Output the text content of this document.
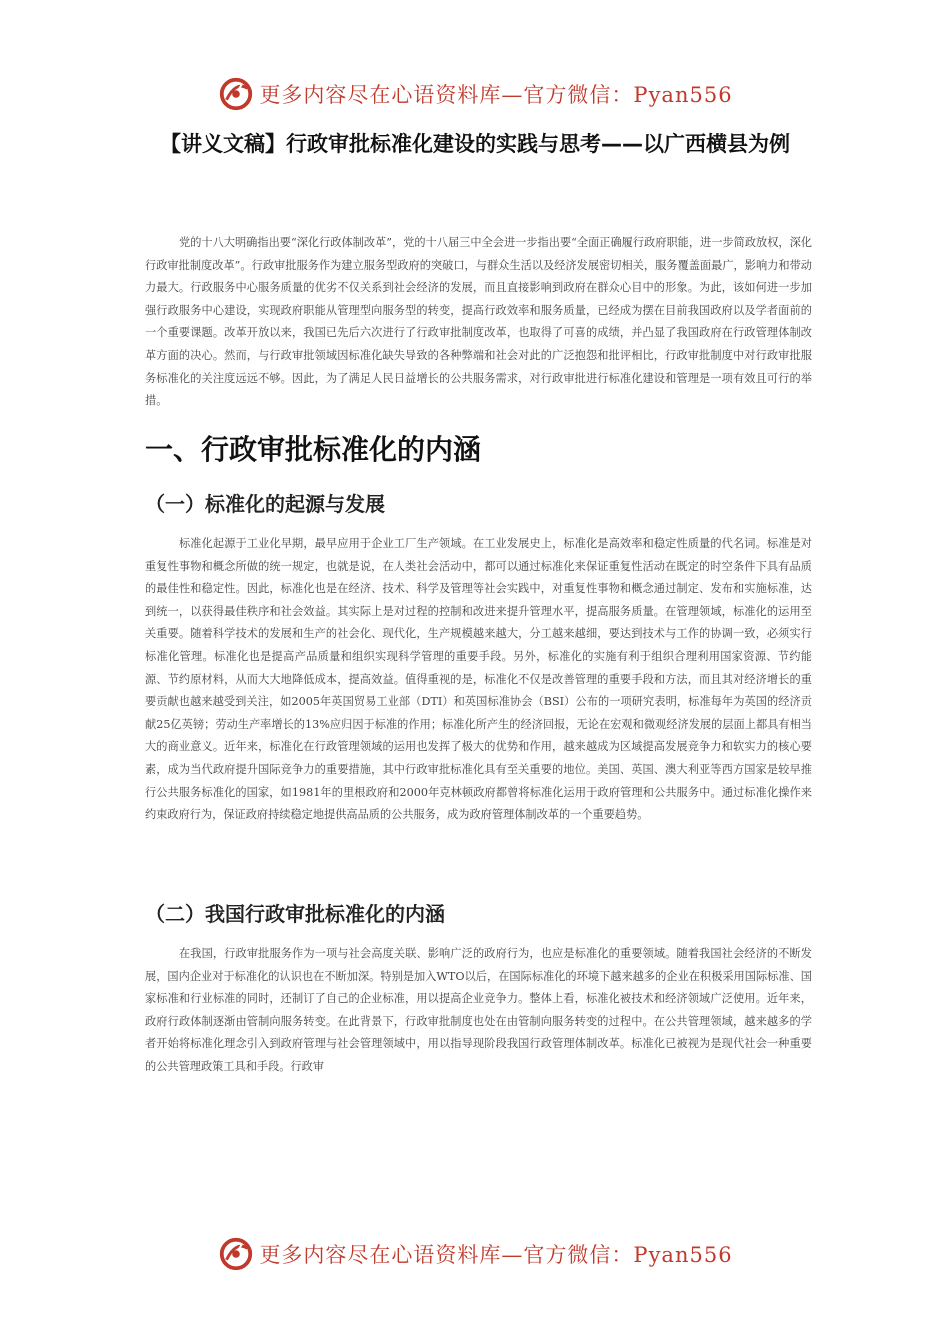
更多内容尽在心语资料库—官方微信：Pyan556
【讲义文稿】行政审批标准化建设的实践与思考——以广西横县为例

党的十八大明确指出要“深化行政体制改革”，党的十八届三中全会进一步指出要“全面正确履行政府职能，进一步简政放权，深化行政审批制度改革”。行政审批服务作为建立服务型政府的突破口，与群众生活以及经济发展密切相关，服务覆盖面最广，影响力和带动力最大。行政服务中心服务质量的优劣不仅关系到社会经济的发展，而且直接影响到政府在群众心目中的形象。为此，该如何进一步加强行政服务中心建设，实现政府职能从管理型向服务型的转变，提高行政效率和服务质量，已经成为摆在目前我国政府以及学者面前的一个重要课题。改革开放以来，我国已先后六次进行了行政审批制度改革，也取得了可喜的成绩，并凸显了我国政府在行政管理体制改革方面的决心。然而，与行政审批领域因标准化缺失导致的各种弊端和社会对此的广泛抱怨和批评相比，行政审批制度中对行政审批服务标准化的关注度远远不够。因此，为了满足人民日益增长的公共服务需求，对行政审批进行标准化建设和管理是一项有效且可行的举措。

一、行政审批标准化的内涵
（一）标准化的起源与发展

标准化起源于工业化早期，最早应用于企业工厂生产领域。在工业发展史上，标准化是高效率和稳定性质量的代名词。标准是对重复性事物和概念所做的统一规定，也就是说，在人类社会活动中，都可以通过标准化来保证重复性活动在既定的时空条件下具有品质的最佳性和稳定性。因此，标准化也是在经济、技术、科学及管理等社会实践中，对重复性事物和概念通过制定、发布和实施标准，达到统一，以获得最佳秩序和社会效益。其实际上是对过程的控制和改进来提升管理水平，提高服务质量。在管理领域，标准化的运用至关重要。随着科学技术的发展和生产的社会化、现代化，生产规模越来越大，分工越来越细，要达到技术与工作的协调一致，必须实行标准化管理。标准化也是提高产品质量和组织实现科学管理的重要手段。另外，标准化的实施有利于组织合理利用国家资源、节约能源、节约原材料，从而大大地降低成本，提高效益。值得重视的是，标准化不仅是改善管理的重要手段和方法，而且其对经济增长的重要贡献也越来越受到关注，如2005年英国贸易工业部（DTI）和英国标准协会（BSI）公布的一项研究表明，标准每年为英国的经济贡献25亿英镑；劳动生产率增长的13%应归因于标准的作用；标准化所产生的经济回报，无论在宏观和微观经济发展的层面上都具有相当大的商业意义。近年来，标准化在行政管理领域的运用也发挥了极大的优势和作用，越来越成为区域提高发展竞争力和软实力的核心要素，成为当代政府提升国际竞争力的重要措施，其中行政审批标准化具有至关重要的地位。美国、英国、澳大利亚等西方国家是较早推行公共服务标准化的国家，如1981年的里根政府和2000年克林顿政府都曾将标准化运用于政府管理和公共服务中。通过标准化操作来约束政府行为，保证政府持续稳定地提供高品质的公共服务，成为政府管理体制改革的一个重要趋势。

（二）我国行政审批标准化的内涵

在我国，行政审批服务作为一项与社会高度关联、影响广泛的政府行为，也应是标准化的重要领域。随着我国社会经济的不断发展，国内企业对于标准化的认识也在不断加深。特别是加入WTO以后，在国际标准化的环境下越来越多的企业在积极采用国际标准、国家标准和行业标准的同时，还制订了自己的企业标准，用以提高企业竞争力。整体上看，标准化被技术和经济领域广泛使用。近年来，政府行政体制逐渐由管制向服务转变。在此背景下，行政审批制度也处在由管制向服务转变的过程中。在公共管理领域，越来越多的学者开始将标准化理念引入到政府管理与社会管理领域中，用以指导现阶段我国行政管理体制改革。标准化已被视为是现代社会一种重要的公共管理政策工具和手段。行政审

更多内容尽在心语资料库—官方微信：Pyan556
